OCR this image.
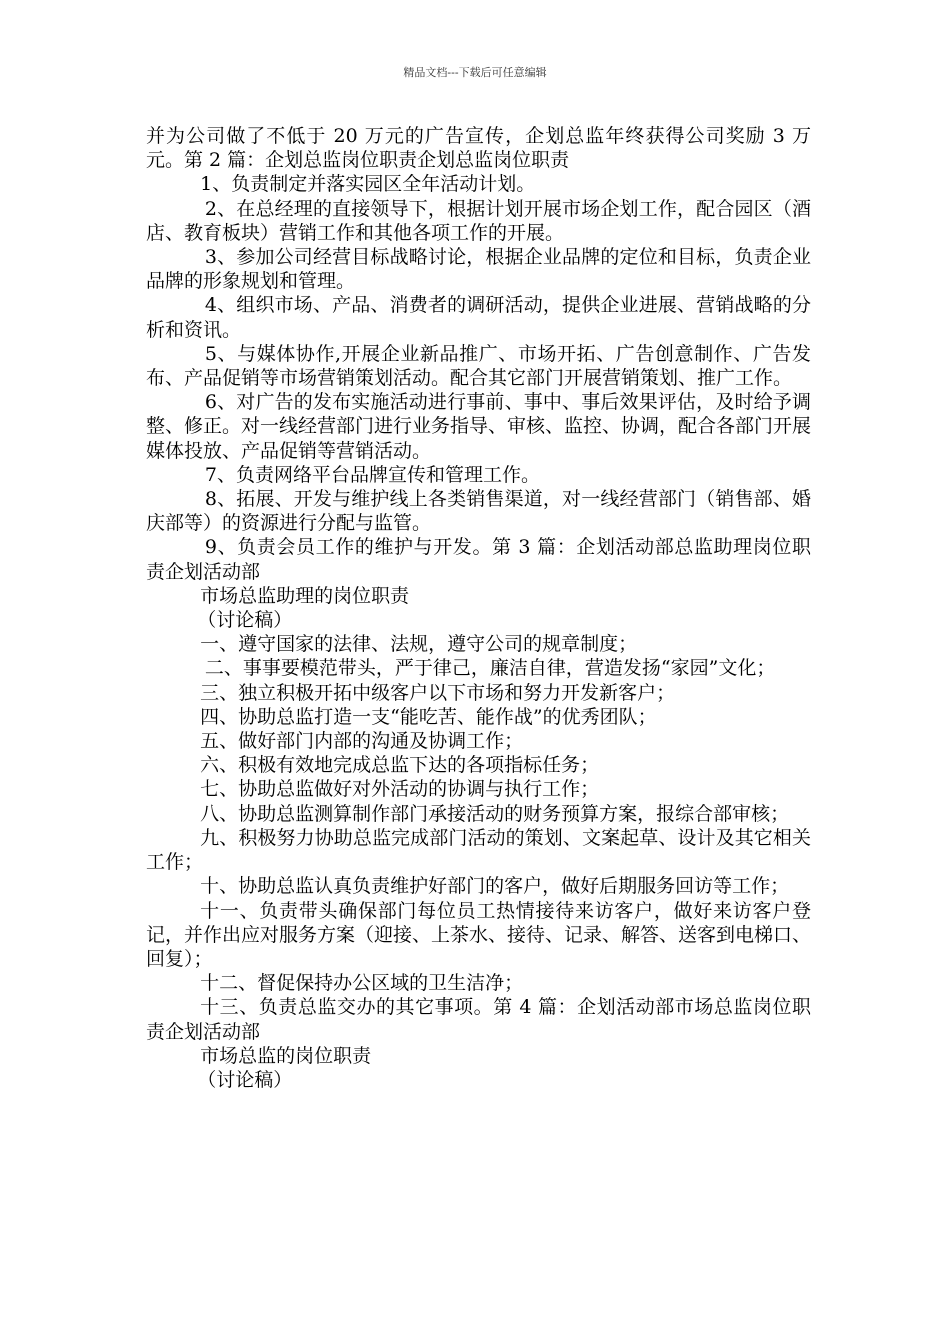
精品文档---下载后可任意编辑

并为公司做了不低于 20 万元的广告宣传，企划总监年终获得公司奖励 3 万元。第 2 篇：企划总监岗位职责企划总监岗位职责

1、负责制定并落实园区全年活动计划。

2、在总经理的直接领导下，根据计划开展市场企划工作，配合园区（酒店、教育板块）营销工作和其他各项工作的开展。

3、参加公司经营目标战略讨论，根据企业品牌的定位和目标，负责企业品牌的形象规划和管理。

4、组织市场、产品、消费者的调研活动，提供企业进展、营销战略的分析和资讯。

5、与媒体协作,开展企业新品推广、市场开拓、广告创意制作、广告发布、产品促销等市场营销策划活动。配合其它部门开展营销策划、推广工作。

6、对广告的发布实施活动进行事前、事中、事后效果评估，及时给予调整、修正。对一线经营部门进行业务指导、审核、监控、协调，配合各部门开展媒体投放、产品促销等营销活动。

7、负责网络平台品牌宣传和管理工作。

8、拓展、开发与维护线上各类销售渠道，对一线经营部门（销售部、婚庆部等）的资源进行分配与监管。

9、负责会员工作的维护与开发。第 3 篇：企划活动部总监助理岗位职责企划活动部

市场总监助理的岗位职责

（讨论稿）

一、遵守国家的法律、法规，遵守公司的规章制度；

二、事事要模范带头，严于律己，廉洁自律，营造发扬“家园”文化；

三、独立积极开拓中级客户以下市场和努力开发新客户；

四、协助总监打造一支“能吃苦、能作战”的优秀团队；

五、做好部门内部的沟通及协调工作；

六、积极有效地完成总监下达的各项指标任务；

七、协助总监做好对外活动的协调与执行工作；

八、协助总监测算制作部门承接活动的财务预算方案，报综合部审核；

九、积极努力协助总监完成部门活动的策划、文案起草、设计及其它相关工作；

十、协助总监认真负责维护好部门的客户，做好后期服务回访等工作；

十一、负责带头确保部门每位员工热情接待来访客户，做好来访客户登记，并作出应对服务方案（迎接、上茶水、接待、记录、解答、送客到电梯口、回复）；

十二、督促保持办公区域的卫生洁净；

十三、负责总监交办的其它事项。第 4 篇：企划活动部市场总监岗位职责企划活动部

市场总监的岗位职责

（讨论稿）
